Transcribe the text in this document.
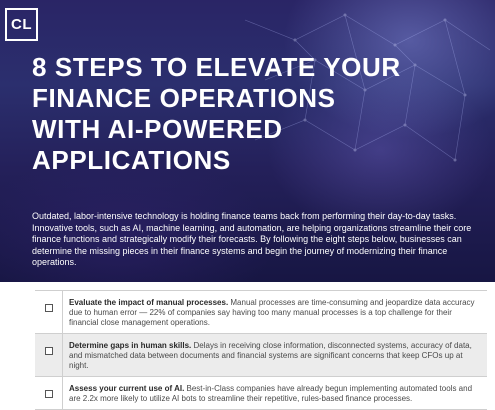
CL
8 STEPS TO ELEVATE YOUR
FINANCE OPERATIONS
WITH AI-POWERED
APPLICATIONS

Outdated, labor-intensive technology is holding finance teams back from performing their day-to-day tasks. Innovative tools, such as AI, machine learning, and automation, are helping organizations streamline their core finance functions and strategically modify their forecasts. By following the eight steps below, businesses can determine the missing pieces in their finance systems and begin the journey of modernizing their finance operations.

Evaluate the impact of manual processes. Manual processes are time-consuming and jeopardize data accuracy due to human error — 22% of companies say having too many manual processes is a top challenge for their financial close management operations.
Determine gaps in human skills. Delays in receiving close information, disconnected systems, accuracy of data, and mismatched data between documents and financial systems are significant concerns that keep CFOs up at night.
Assess your current use of AI. Best-in-Class companies have already begun implementing automated tools and are 2.2x more likely to utilize AI bots to streamline their repetitive, rules-based finance processes.
